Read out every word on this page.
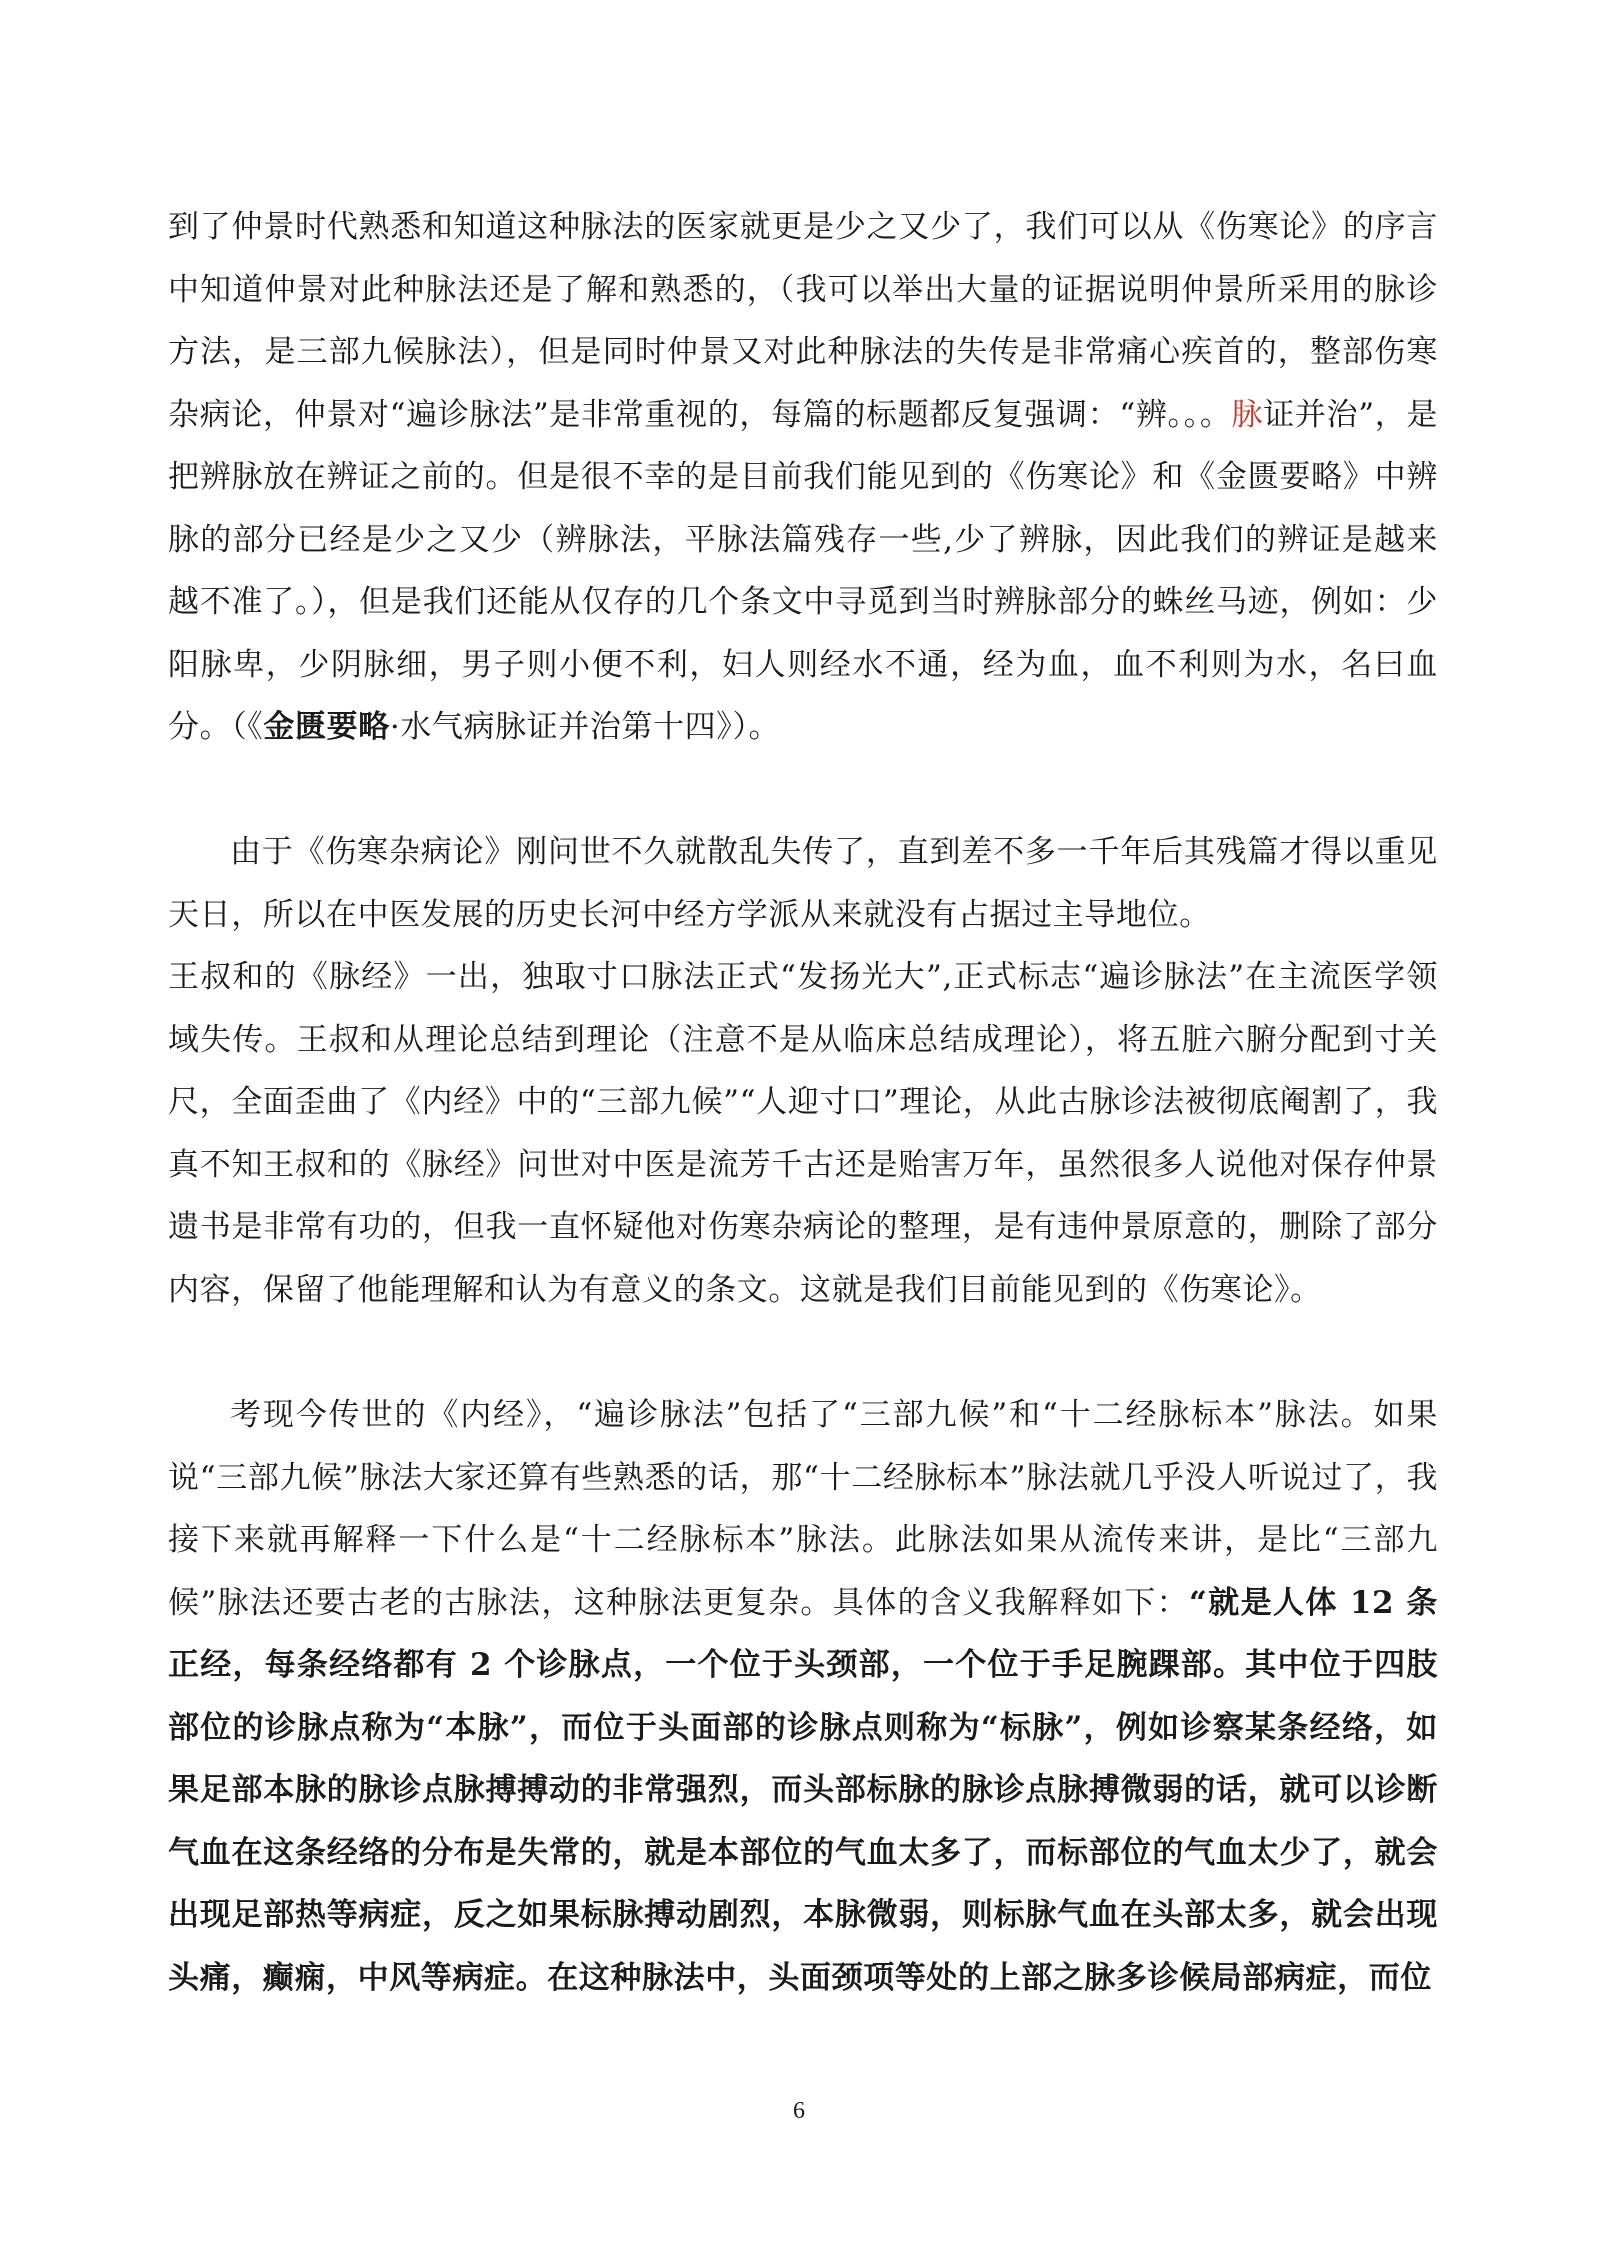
到了仲景时代熟悉和知道这种脉法的医家就更是少之又少了，我们可以从《伤寒论》的序言中知道仲景对此种脉法还是了解和熟悉的，（我可以举出大量的证据说明仲景所采用的脉诊方法，是三部九候脉法），但是同时仲景又对此种脉法的失传是非常痛心疾首的，整部伤寒杂病论，仲景对“遍诊脉法”是非常重视的，每篇的标题都反复强调：“辨。。。脉证并治”，是把辨脉放在辨证之前的。但是很不幸的是目前我们能见到的《伤寒论》和《金匮要略》中辨脉的部分已经是少之又少（辨脉法，平脉法篇残存一些,少了辨脉，因此我们的辨证是越来越不准了。），但是我们还能从仅存的几个条文中寻觅到当时辨脉部分的蛛丝马迹，例如：少阳脉卑，少阴脉细，男子则小便不利，妇人则经水不通，经为血，血不利则为水，名曰血分。（《金匮要略·水气病脉证并治第十四》）。

由于《伤寒杂病论》刚问世不久就散乱失传了，直到差不多一千年后其残篇才得以重见天日，所以在中医发展的历史长河中经方学派从来就没有占据过主导地位。

王叔和的《脉经》一出，独取寸口脉法正式“发扬光大”,正式标志“遍诊脉法”在主流医学领域失传。王叔和从理论总结到理论（注意不是从临床总结成理论），将五脏六腑分配到寸关尺，全面歪曲了《内经》中的“三部九候”“人迎寸口”理论，从此古脉诊法被彻底阉割了，我真不知王叔和的《脉经》问世对中医是流芳千古还是贻害万年，虽然很多人说他对保存仲景遗书是非常有功的，但我一直怀疑他对伤寒杂病论的整理，是有违仲景原意的，删除了部分内容，保留了他能理解和认为有意义的条文。这就是我们目前能见到的《伤寒论》。

考现今传世的《内经》，“遍诊脉法”包括了“三部九候”和“十二经脉标本”脉法。如果说“三部九候”脉法大家还算有些熟悉的话，那“十二经脉标本”脉法就几乎没人听说过了，我接下来就再解释一下什么是“十二经脉标本”脉法。此脉法如果从流传来讲，是比“三部九候”脉法还要古老的古脉法，这种脉法更复杂。具体的含义我解释如下：“就是人体 12 条正经，每条经络都有 2 个诊脉点，一个位于头颈部，一个位于手足腕踝部。其中位于四肢部位的诊脉点称为“本脉”，而位于头面部的诊脉点则称为“标脉”，例如诊察某条经络，如果足部本脉的脉诊点脉搏搏动的非常强烈，而头部标脉的脉诊点脉搏微弱的话，就可以诊断气血在这条经络的分布是失常的，就是本部位的气血太多了，而标部位的气血太少了，就会出现足部热等病症，反之如果标脉搏动剧烈，本脉微弱，则标脉气血在头部太多，就会出现头痛，癫痫，中风等病症。在这种脉法中，头面颈项等处的上部之脉多诊候局部病症，而位

6
